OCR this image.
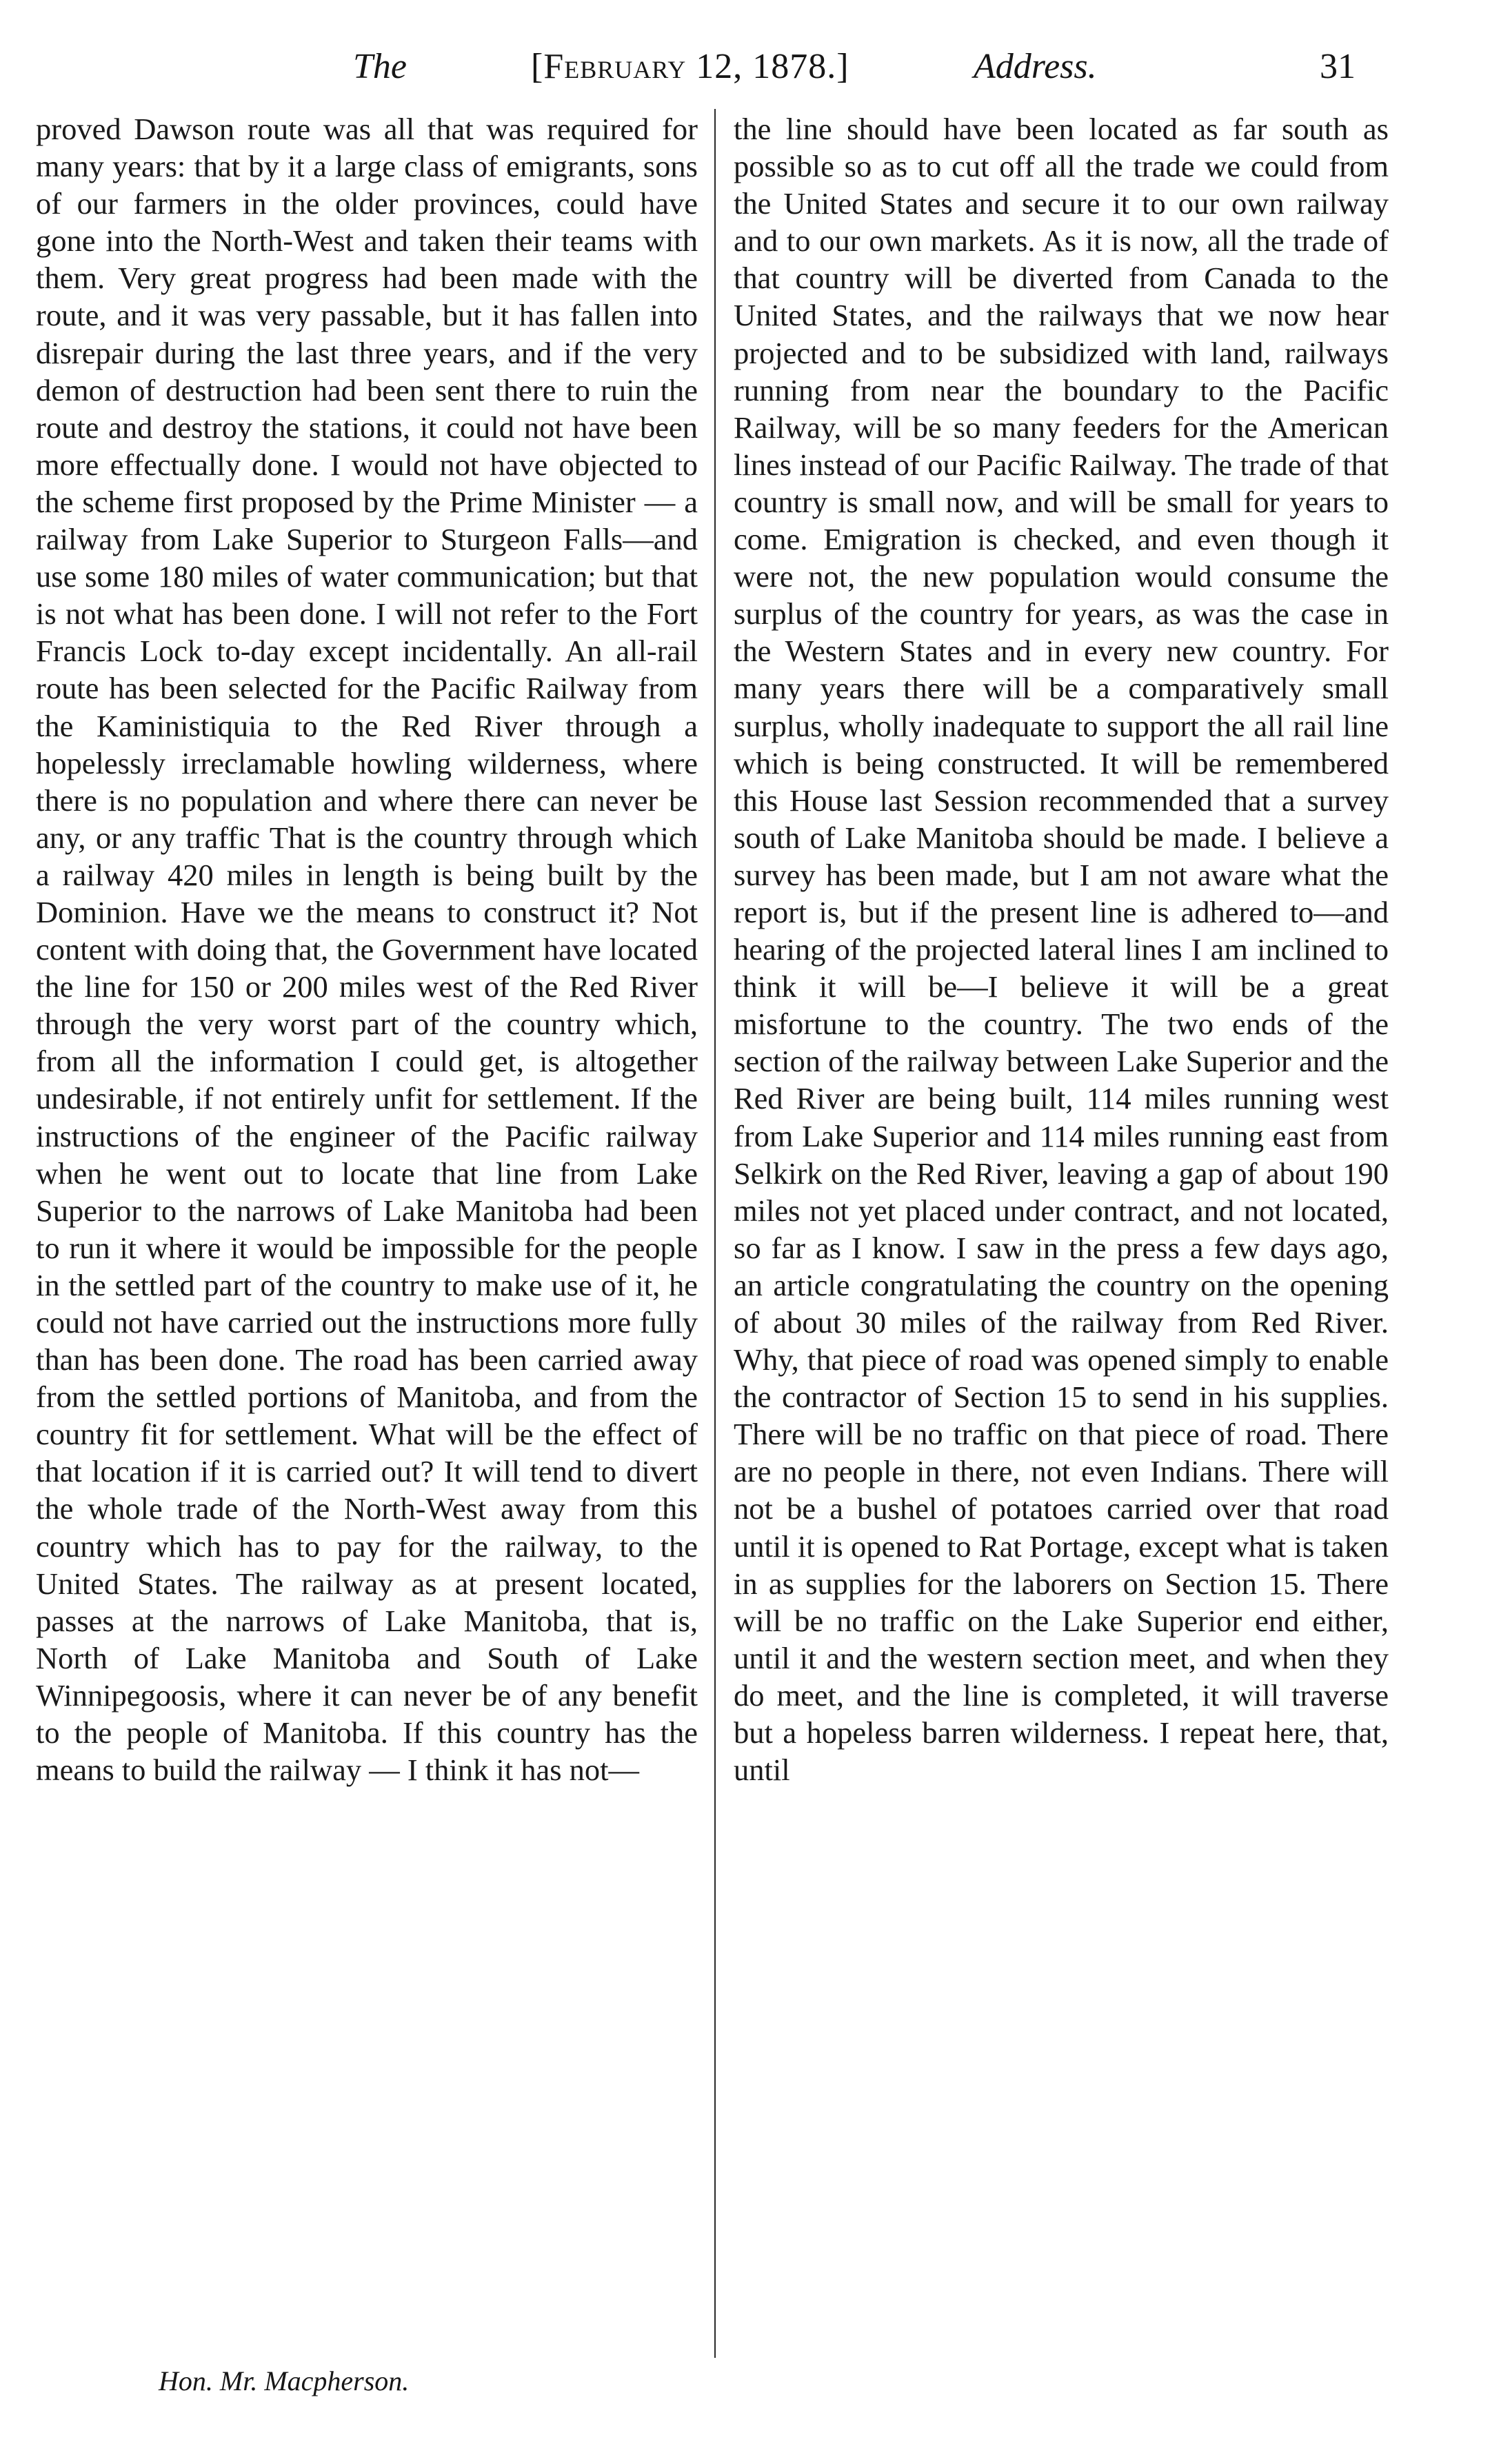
The	[February 12, 1878.]	Address.	31

proved Dawson route was all that was required for many years: that by it a large class of emigrants, sons of our farmers in the older provinces, could have gone into the North-West and taken their teams with them. Very great progress had been made with the route, and it was very passable, but it has fallen into disrepair during the last three years, and if the very demon of destruction had been sent there to ruin the route and destroy the stations, it could not have been more effectually done. I would not have objected to the scheme first proposed by the Prime Minister — a railway from Lake Superior to Sturgeon Falls—and use some 180 miles of water communication; but that is not what has been done. I will not refer to the Fort Francis Lock to-day except incidentally. An all-rail route has been selected for the Pacific Railway from the Kaministiquia to the Red River through a hopelessly irreclamable howling wilderness, where there is no population and where there can never be any, or any traffic That is the country through which a railway 420 miles in length is being built by the Dominion. Have we the means to construct it? Not content with doing that, the Government have located the line for 150 or 200 miles west of the Red River through the very worst part of the country which, from all the information I could get, is altogether undesirable, if not entirely unfit for settlement. If the instructions of the engineer of the Pacific railway when he went out to locate that line from Lake Superior to the narrows of Lake Manitoba had been to run it where it would be impossible for the people in the settled part of the country to make use of it, he could not have carried out the instructions more fully than has been done. The road has been carried away from the settled portions of Manitoba, and from the country fit for settlement. What will be the effect of that location if it is carried out? It will tend to divert the whole trade of the North-West away from this country which has to pay for the railway, to the United States. The railway as at present located, passes at the narrows of Lake Manitoba, that is, North of Lake Manitoba and South of Lake Winnipegoosis, where it can never be of any benefit to the people of Manitoba. If this country has the means to build the railway — I think it has not—

the line should have been located as far south as possible so as to cut off all the trade we could from the United States and secure it to our own railway and to our own markets. As it is now, all the trade of that country will be diverted from Canada to the United States, and the railways that we now hear projected and to be subsidized with land, railways running from near the boundary to the Pacific Railway, will be so many feeders for the American lines instead of our Pacific Railway. The trade of that country is small now, and will be small for years to come. Emigration is checked, and even though it were not, the new population would consume the surplus of the country for years, as was the case in the Western States and in every new country. For many years there will be a comparatively small surplus, wholly inadequate to support the all rail line which is being constructed. It will be remembered this House last Session recommended that a survey south of Lake Manitoba should be made. I believe a survey has been made, but I am not aware what the report is, but if the present line is adhered to—and hearing of the projected lateral lines I am inclined to think it will be—I believe it will be a great misfortune to the country. The two ends of the section of the railway between Lake Superior and the Red River are being built, 114 miles running west from Lake Superior and 114 miles running east from Selkirk on the Red River, leaving a gap of about 190 miles not yet placed under contract, and not located, so far as I know. I saw in the press a few days ago, an article congratulating the country on the opening of about 30 miles of the railway from Red River. Why, that piece of road was opened simply to enable the contractor of Section 15 to send in his supplies. There will be no traffic on that piece of road. There are no people in there, not even Indians. There will not be a bushel of potatoes carried over that road until it is opened to Rat Portage, except what is taken in as supplies for the laborers on Section 15. There will be no traffic on the Lake Superior end either, until it and the western section meet, and when they do meet, and the line is completed, it will traverse but a hopeless barren wilderness. I repeat here, that, until

Hon. Mr. Macpherson.
